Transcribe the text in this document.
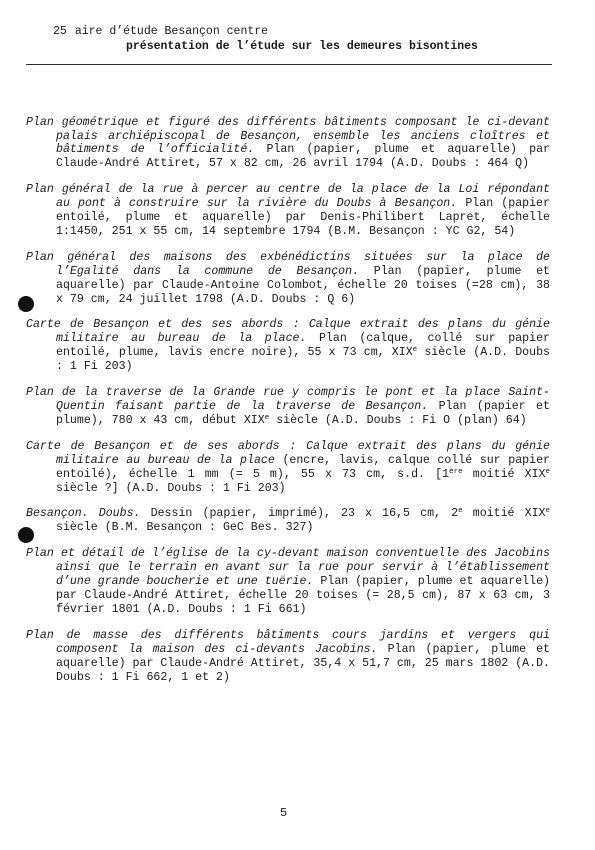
25 aire d’étude Besançon centre
présentation de l’étude sur les demeures bisontines

Plan géométrique et figuré des différents bâtiments composant le ci-devant palais archiépiscopal de Besançon, ensemble les anciens cloîtres et bâtiments de l’officialité. Plan (papier, plume et aquarelle) par Claude-André Attiret, 57 x 82 cm, 26 avril 1794 (A.D. Doubs : 464 Q)

Plan général de la rue à percer au centre de la place de la Loi répondant au pont à construire sur la rivière du Doubs à Besançon. Plan (papier entoilé, plume et aquarelle) par Denis-Philibert Lapret, échelle 1:1450, 251 x 55 cm, 14 septembre 1794 (B.M. Besançon : YC G2, 54)

Plan général des maisons des exbénédictins situées sur la place de l’Egalité dans la commune de Besançon. Plan (papier, plume et aquarelle) par Claude-Antoine Colombot, échelle 20 toises (=28 cm), 38 x 79 cm, 24 juillet 1798 (A.D. Doubs : Q 6)

Carte de Besançon et des ses abords : Calque extrait des plans du génie militaire au bureau de la place. Plan (calque, collé sur papier entoilé, plume, lavis encre noire), 55 x 73 cm, XIXe siècle (A.D. Doubs : 1 Fi 203)

Plan de la traverse de la Grande rue y compris le pont et la place Saint-Quentin faisant partie de la traverse de Besançon. Plan (papier et plume), 780 x 43 cm, début XIXe siècle (A.D. Doubs : Fi O (plan) 64)

Carte de Besançon et de ses abords : Calque extrait des plans du génie militaire au bureau de la place (encre, lavis, calque collé sur papier entoilé), échelle 1 mm (= 5 m), 55 x 73 cm, s.d. [1ère moitié XIXe siècle ?] (A.D. Doubs : 1 Fi 203)

Besançon. Doubs. Dessin (papier, imprimé), 23 x 16,5 cm, 2e moitié XIXe siècle (B.M. Besançon : GeC Bes. 327)

Plan et détail de l’église de la cy-devant maison conventuelle des Jacobins ainsi que le terrain en avant sur la rue pour servir à l’établissement d’une grande boucherie et une tuërie. Plan (papier, plume et aquarelle) par Claude-André Attiret, échelle 20 toises (= 28,5 cm), 87 x 63 cm, 3 février 1801 (A.D. Doubs : 1 Fi 661)

Plan de masse des différents bâtiments cours jardins et vergers qui composent la maison des ci-devants Jacobins. Plan (papier, plume et aquarelle) par Claude-André Attiret, 35,4 x 51,7 cm, 25 mars 1802 (A.D. Doubs : 1 Fi 662, 1 et 2)

5
